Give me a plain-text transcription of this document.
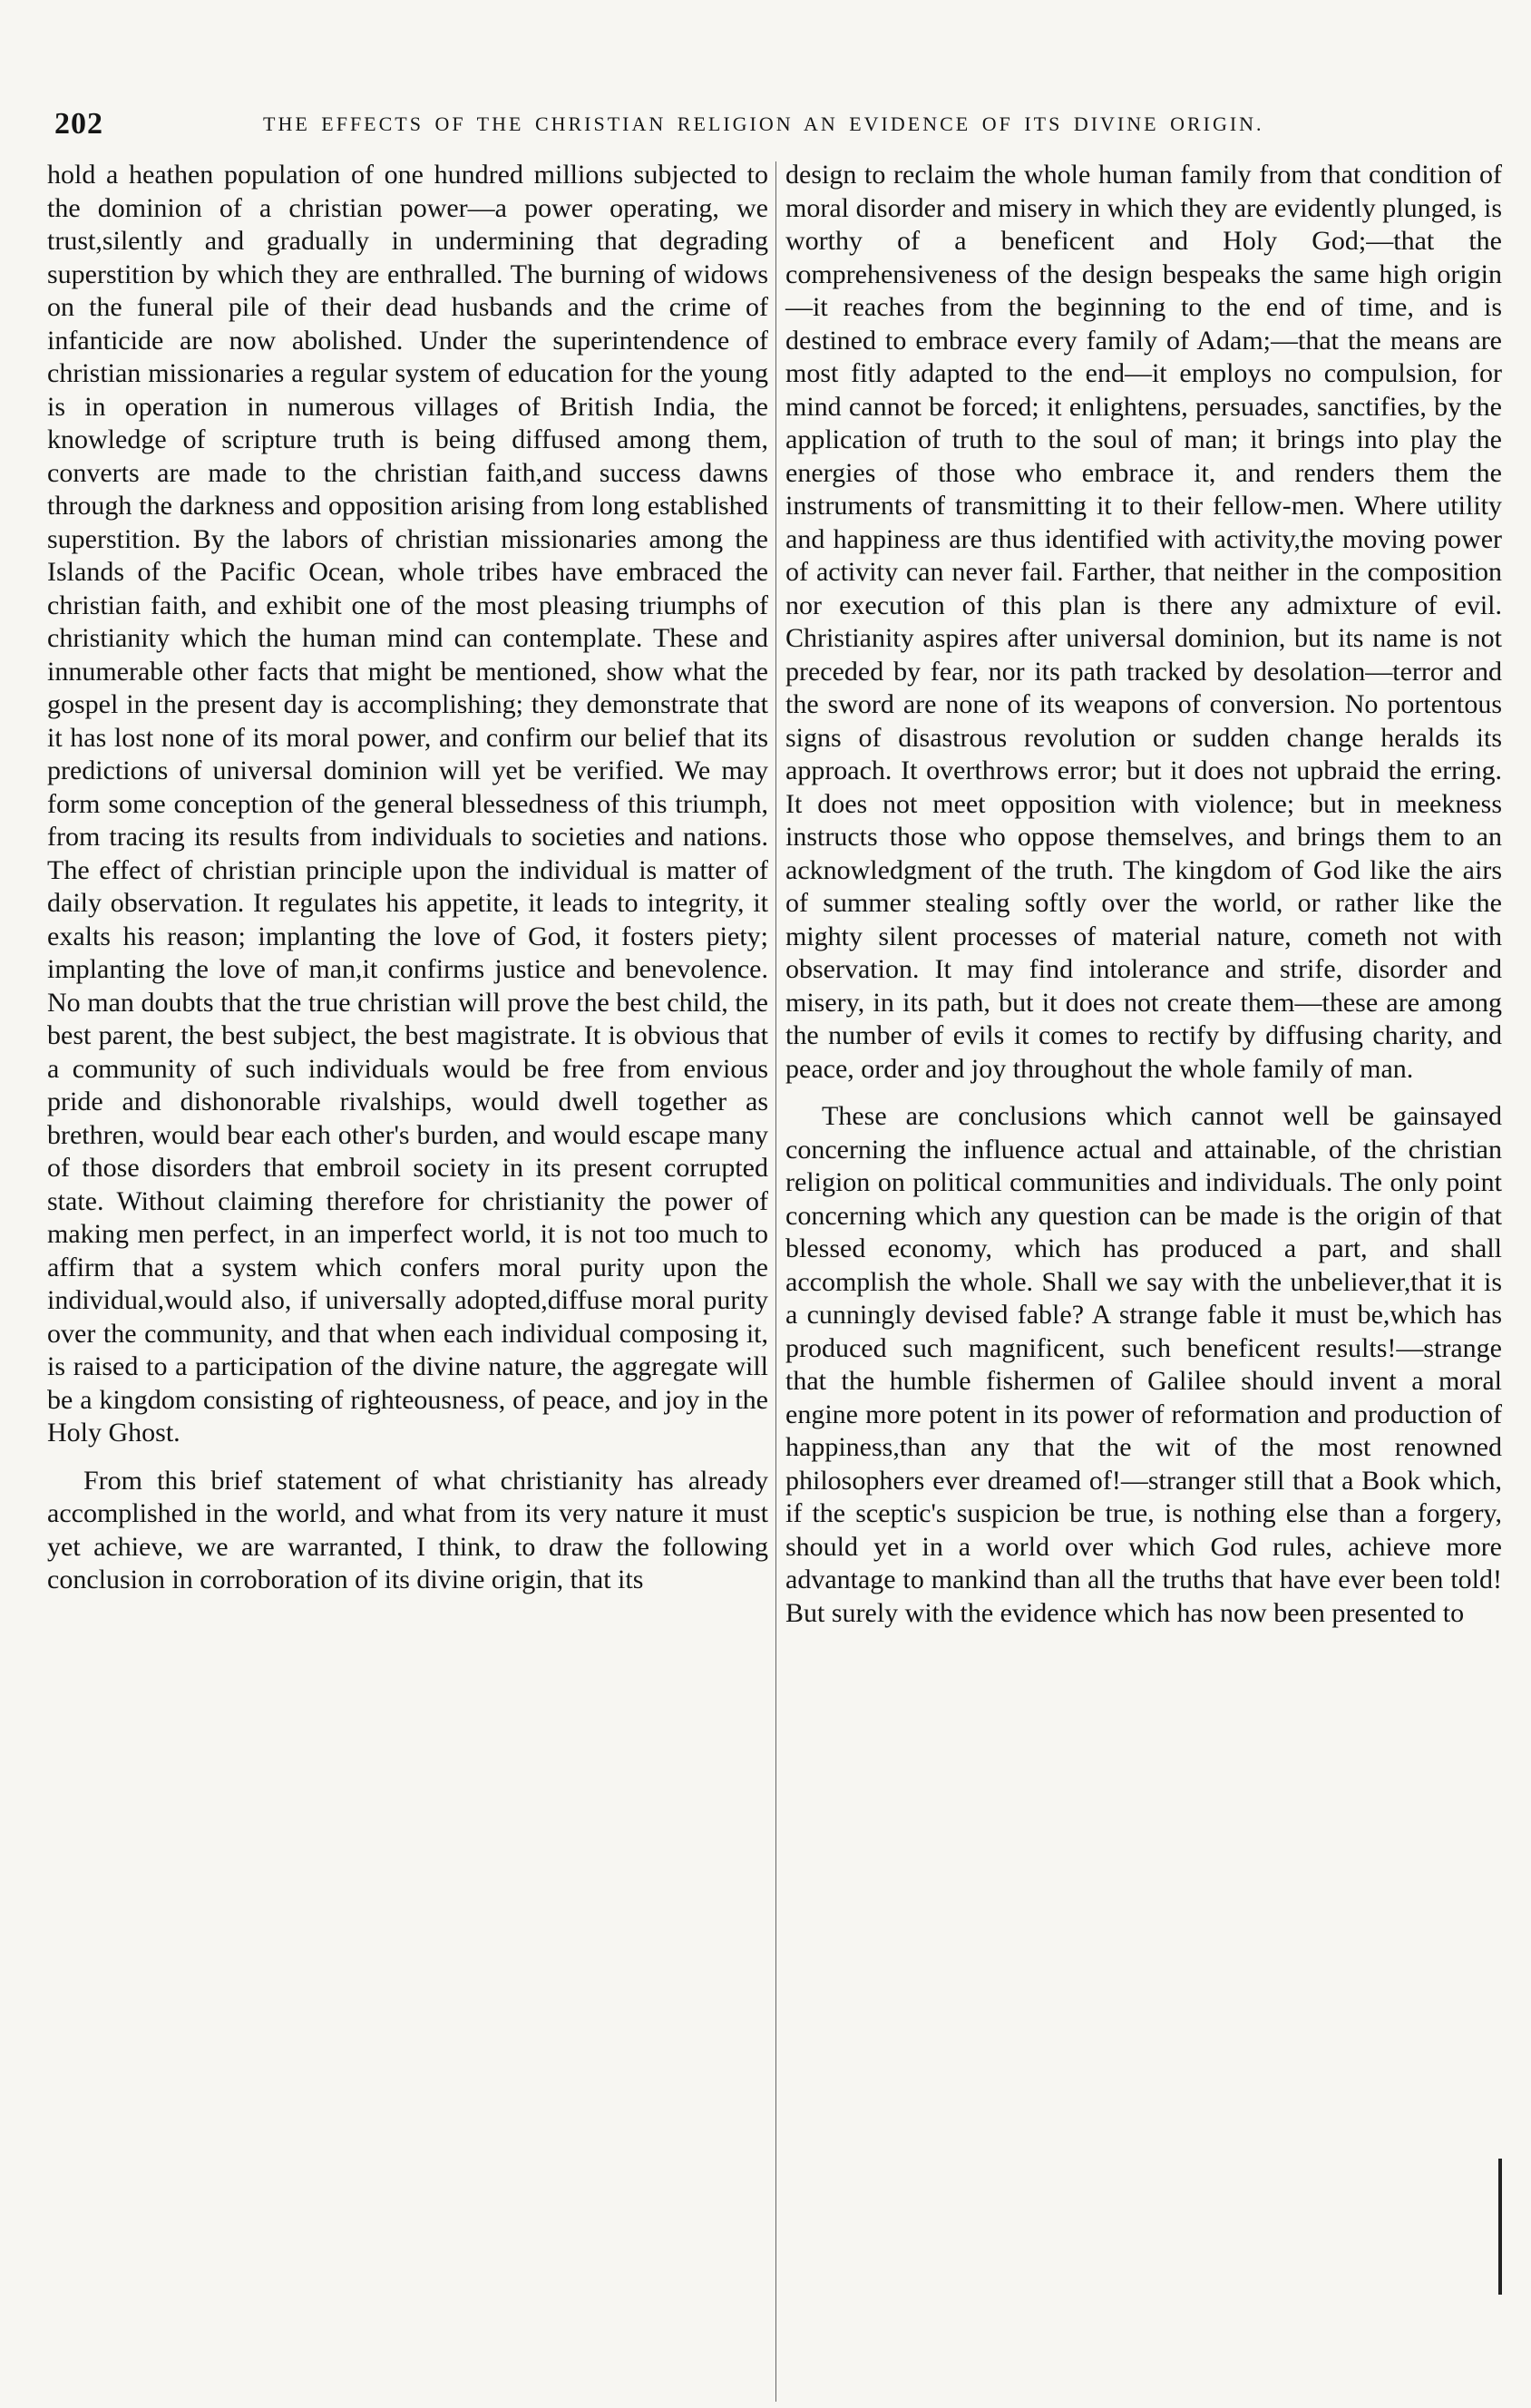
202	THE EFFECTS OF THE CHRISTIAN RELIGION AN EVIDENCE OF ITS DIVINE ORIGIN.

hold a heathen population of one hundred millions subjected to the dominion of a christian power—a power operating, we trust,silently and gradually in undermining that degrading superstition by which they are enthralled. The burning of widows on the funeral pile of their dead husbands and the crime of infanticide are now abolished. Under the superintendence of christian missionaries a regular system of education for the young is in operation in numerous villages of British India, the knowledge of scripture truth is being diffused among them, converts are made to the christian faith,and success dawns through the darkness and opposition arising from long established superstition. By the labors of christian missionaries among the Islands of the Pacific Ocean, whole tribes have embraced the christian faith, and exhibit one of the most pleasing triumphs of christianity which the human mind can contemplate. These and innumerable other facts that might be mentioned, show what the gospel in the present day is accomplishing; they demonstrate that it has lost none of its moral power, and confirm our belief that its predictions of universal dominion will yet be verified. We may form some conception of the general blessedness of this triumph, from tracing its results from individuals to societies and nations. The effect of christian principle upon the individual is matter of daily observation. It regulates his appetite, it leads to integrity, it exalts his reason; implanting the love of God, it fosters piety; implanting the love of man,it confirms justice and benevolence. No man doubts that the true christian will prove the best child, the best parent, the best subject, the best magistrate. It is obvious that a community of such individuals would be free from envious pride and dishonorable rivalships, would dwell together as brethren, would bear each other's burden, and would escape many of those disorders that embroil society in its present corrupted state. Without claiming therefore for christianity the power of making men perfect, in an imperfect world, it is not too much to affirm that a system which confers moral purity upon the individual,would also, if universally adopted,diffuse moral purity over the community, and that when each individual composing it, is raised to a participation of the divine nature, the aggregate will be a kingdom consisting of righteousness, of peace, and joy in the Holy Ghost.

From this brief statement of what christianity has already accomplished in the world, and what from its very nature it must yet achieve, we are warranted, I think, to draw the following conclusion in corroboration of its divine origin, that its

design to reclaim the whole human family from that condition of moral disorder and misery in which they are evidently plunged, is worthy of a beneficent and Holy God;—that the comprehensiveness of the design bespeaks the same high origin—it reaches from the beginning to the end of time, and is destined to embrace every family of Adam;—that the means are most fitly adapted to the end—it employs no compulsion, for mind cannot be forced; it enlightens, persuades, sanctifies, by the application of truth to the soul of man; it brings into play the energies of those who embrace it, and renders them the instruments of transmitting it to their fellow-men. Where utility and happiness are thus identified with activity,the moving power of activity can never fail. Farther, that neither in the composition nor execution of this plan is there any admixture of evil. Christianity aspires after universal dominion, but its name is not preceded by fear, nor its path tracked by desolation—terror and the sword are none of its weapons of conversion. No portentous signs of disastrous revolution or sudden change heralds its approach. It overthrows error; but it does not upbraid the erring. It does not meet opposition with violence; but in meekness instructs those who oppose themselves, and brings them to an acknowledgment of the truth. The kingdom of God like the airs of summer stealing softly over the world, or rather like the mighty silent processes of material nature, cometh not with observation. It may find intolerance and strife, disorder and misery, in its path, but it does not create them—these are among the number of evils it comes to rectify by diffusing charity, and peace, order and joy throughout the whole family of man.

These are conclusions which cannot well be gainsayed concerning the influence actual and attainable, of the christian religion on political communities and individuals. The only point concerning which any question can be made is the origin of that blessed economy, which has produced a part, and shall accomplish the whole. Shall we say with the unbeliever,that it is a cunningly devised fable? A strange fable it must be,which has produced such magnificent, such beneficent results!—strange that the humble fishermen of Galilee should invent a moral engine more potent in its power of reformation and production of happiness,than any that the wit of the most renowned philosophers ever dreamed of!—stranger still that a Book which, if the sceptic's suspicion be true, is nothing else than a forgery, should yet in a world over which God rules, achieve more advantage to mankind than all the truths that have ever been told! But surely with the evidence which has now been presented to
